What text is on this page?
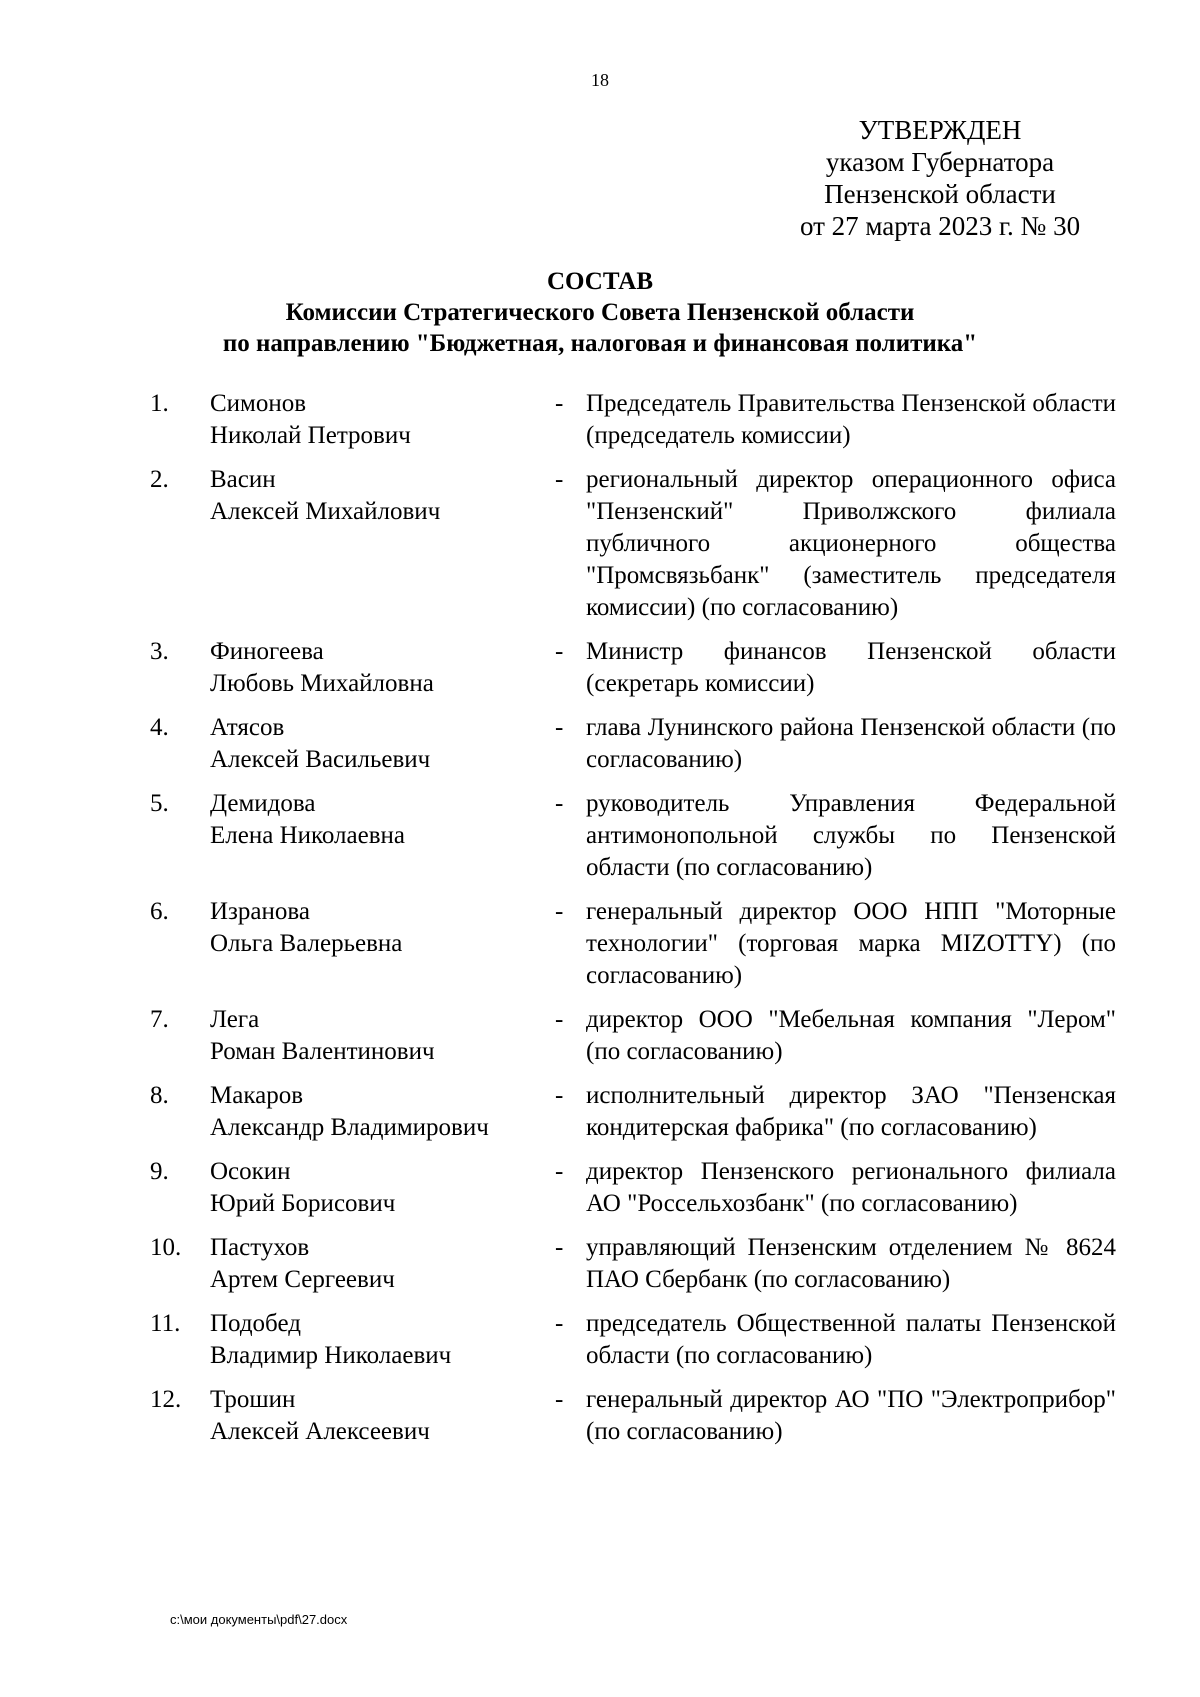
18
УТВЕРЖДЕН
указом Губернатора
Пензенской области
от 27 марта 2023 г. № 30
СОСТАВ
Комиссии Стратегического Совета Пензенской области
по направлению "Бюджетная, налоговая и финансовая политика"
1.	Симонов
Николай Петрович
- Председатель Правительства Пензенской области (председатель комиссии)
2.	Васин
Алексей Михайлович
- региональный директор операционного офиса "Пензенский" Приволжского филиала публичного акционерного общества "Промсвязьбанк" (заместитель председателя комиссии) (по согласованию)
3.	Финогеева
Любовь Михайловна
- Министр финансов Пензенской области (секретарь комиссии)
4.	Атясов
Алексей Васильевич
- глава Лунинского района Пензенской области (по согласованию)
5.	Демидова
Елена Николаевна
- руководитель Управления Федеральной антимонопольной службы по Пензенской области (по согласованию)
6.	Изранова
Ольга Валерьевна
- генеральный директор ООО НПП "Моторные технологии" (торговая марка MIZOTTY) (по согласованию)
7.	Лега
Роман Валентинович
- директор ООО "Мебельная компания "Лером" (по согласованию)
8.	Макаров
Александр Владимирович
- исполнительный директор ЗАО "Пензенская кондитерская фабрика" (по согласованию)
9.	Осокин
Юрий Борисович
- директор Пензенского регионального филиала АО "Россельхозбанк" (по согласованию)
10.	Пастухов
Артем Сергеевич
- управляющий Пензенским отделением № 8624 ПАО Сбербанк (по согласованию)
11.	Подобед
Владимир Николаевич
- председатель Общественной палаты Пензенской области (по согласованию)
12.	Трошин
Алексей Алексеевич
- генеральный директор АО "ПО "Электроприбор" (по согласованию)
c:\мои документы\pdf\27.docx
